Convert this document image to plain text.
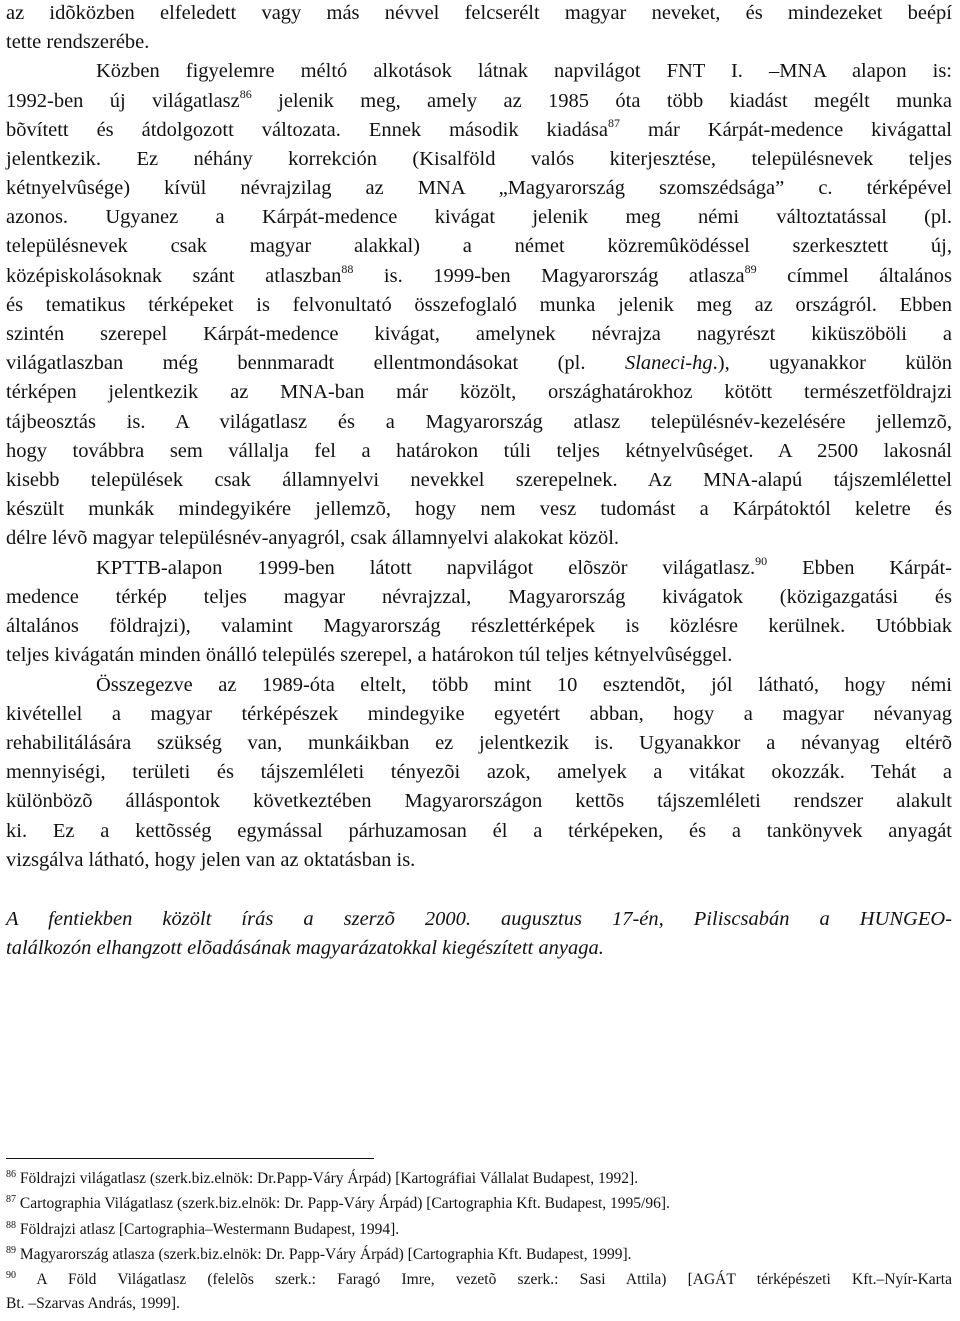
az idõközben elfeledett vagy más névvel felcserélt magyar neveket, és mindezeket beépí
tette rendszerébe.
Közben figyelemre méltó alkotások látnak napvilágot FNT I. –MNA alapon is:
1992-ben új világatlasz$^{86}$ jelenik meg, amely az 1985 óta több kiadást megélt munka
bõvített és átdolgozott változata. Ennek második kiadása$^{87}$ már Kárpát-medence kivágattal
jelentkezik. Ez néhány korrekción (Kisalföld valós kiterjesztése, településnevek teljes
kétnyelvûsége) kívül névrajzilag az MNA „Magyarország szomszédsága” c. térképével
azonos. Ugyanez a Kárpát-medence kivágat jelenik meg némi változtatással (pl.
településnevek csak magyar alakkal) a német közremûködéssel szerkesztett új,
középiskolásoknak szánt atlaszban$^{88}$ is. 1999-ben Magyarország atlasza$^{89}$ címmel általános
és tematikus térképeket is felvonultató összefoglaló munka jelenik meg az országról. Ebben
szintén szerepel Kárpát-medence kivágat, amelynek névrajza nagyrészt kiküszöböli a
világatlaszban még bennmaradt ellentmondásokat (pl. Slaneci-hg.), ugyanakkor külön
térképen jelentkezik az MNA-ban már közölt, országhatárokhoz kötött természetföldrajzi
tájbeosztás is. A világatlasz és a Magyarország atlasz településnév-kezelésére jellemzõ,
hogy továbbra sem vállalja fel a határokon túli teljes kétnyelvûséget. A 2500 lakosnál
kisebb települések csak államnyelvi nevekkel szerepelnek. Az MNA-alapú tájszemlélettel
készült munkák mindegyikére jellemzõ, hogy nem vesz tudomást a Kárpátoktól keletre és
délre lévõ magyar településnév-anyagról, csak államnyelvi alakokat közöl.
KPTTB-alapon 1999-ben látott napvilágot elõször világatlasz.$^{90}$ Ebben Kárpát-
medence térkép teljes magyar névrajzzal, Magyarország kivágatok (közigazgatási és
általános földrajzi), valamint Magyarország részlettérképek is közlésre kerülnek. Utóbbiak
teljes kivágatán minden önálló település szerepel, a határokon túl teljes kétnyelvûséggel.
Összegezve az 1989-óta eltelt, több mint 10 esztendõt, jól látható, hogy némi
kivétellel a magyar térképészek mindegyike egyetért abban, hogy a magyar névanyag
rehabilitálására szükség van, munkáikban ez jelentkezik is. Ugyanakkor a névanyag eltérõ
mennyiségi, területi és tájszemléleti tényezõi azok, amelyek a vitákat okozzák. Tehát a
különbözõ álláspontok következtében Magyarországon kettõs tájszemléleti rendszer alakult
ki. Ez a kettõsség egymással párhuzamosan él a térképeken, és a tankönyvek anyagát
vizsgálva látható, hogy jelen van az oktatásban is.
A fentiekben közölt írás a szerzõ 2000. augusztus 17-én, Piliscsabán a HUNGEO-
találkozón elhangzott elõadásának magyarázatokkal kiegészített anyaga.
$^{86}$ Földrajzi világatlasz (szerk.biz.elnök: Dr.Papp-Váry Árpád) [Kartográfiai Vállalat Budapest, 1992].
$^{87}$ Cartographia Világatlasz (szerk.biz.elnök: Dr. Papp-Váry Árpád) [Cartographia Kft. Budapest, 1995/96].
$^{88}$ Földrajzi atlasz [Cartographia–Westermann Budapest, 1994].
$^{89}$ Magyarország atlasza (szerk.biz.elnök: Dr. Papp-Váry Árpád) [Cartographia Kft. Budapest, 1999].
$^{90}$ A Föld Világatlasz (felelõs szerk.: Faragó Imre, vezetõ szerk.: Sasi Attila) [AGÁT térképészeti Kft.–Nyír-Karta
Bt. –Szarvas András, 1999].
